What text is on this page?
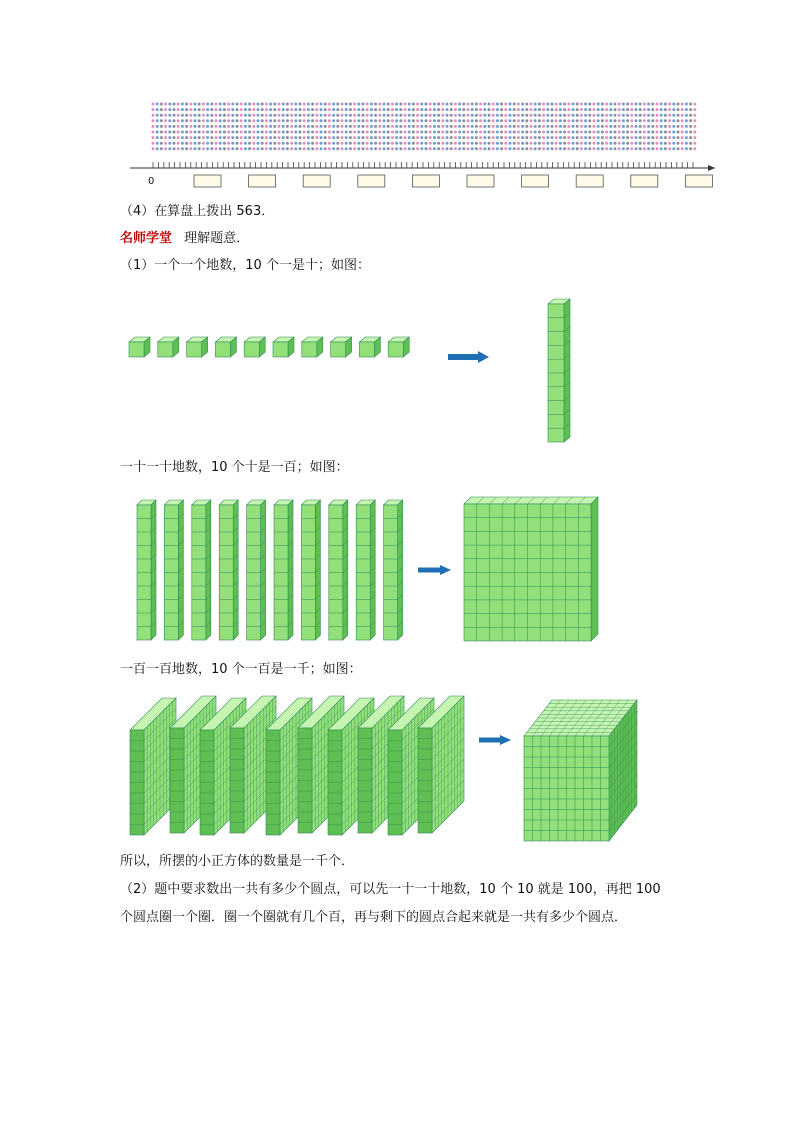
0
（4）在算盘上拨出 563．
名师学堂 理解题意．
（1）一个一个地数，10 个一是十；如图：
一十一十地数，10 个十是一百；如图：
一百一百地数，10 个一百是一千；如图：
所以，所摆的小正方体的数量是一千个．
（2）题中要求数出一共有多少个圆点，可以先一十一十地数，10 个 10 就是 100，再把 100
个圆点圈一个圈．圈一个圈就有几个百，再与剩下的圆点合起来就是一共有多少个圆点．
